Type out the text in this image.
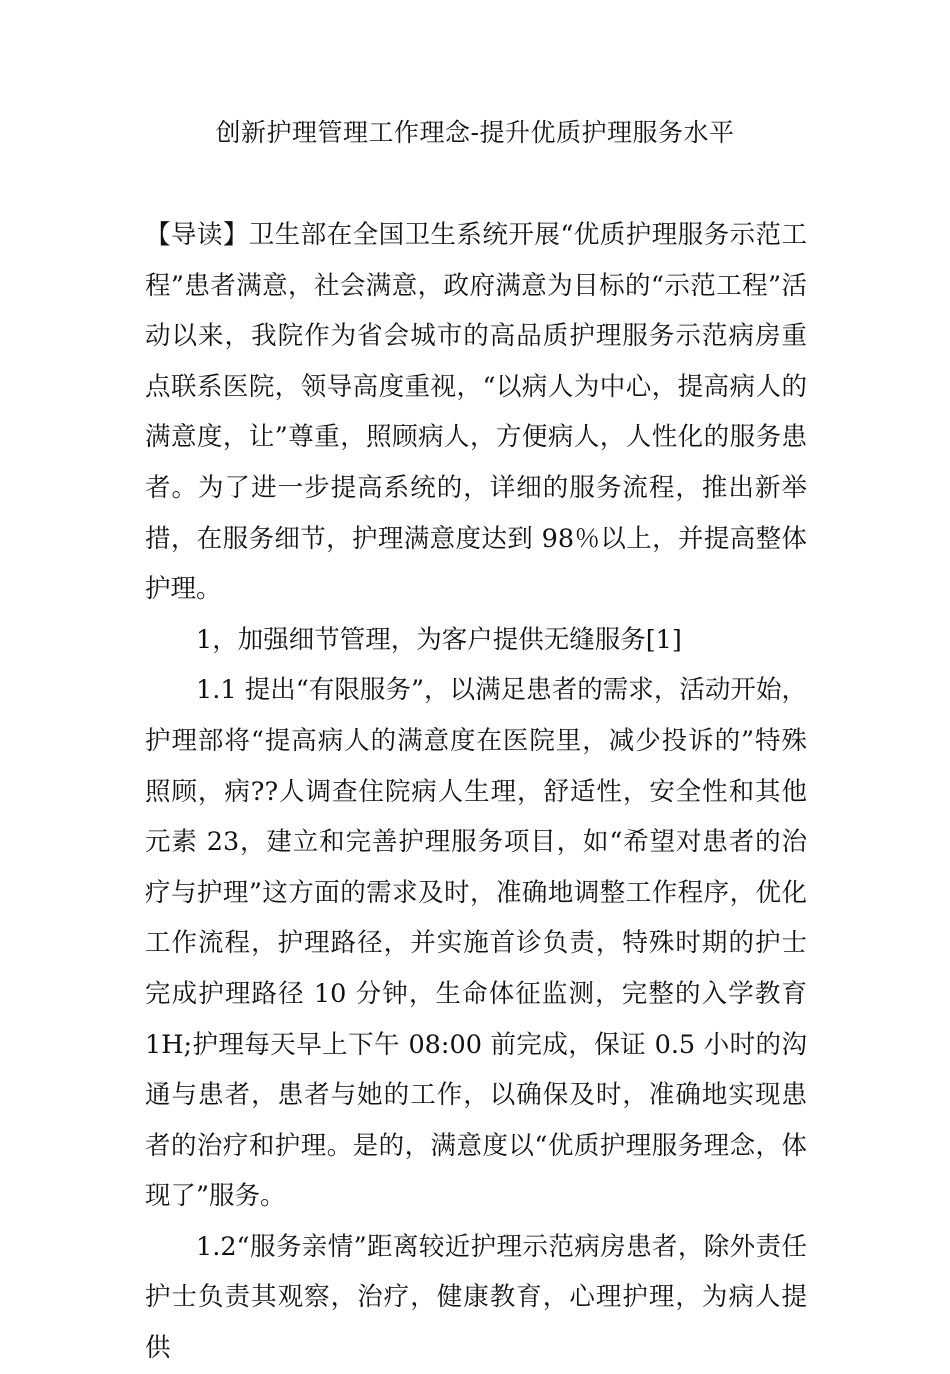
创新护理管理工作理念-提升优质护理服务水平

【导读】卫生部在全国卫生系统开展“优质护理服务示范工程”患者满意，社会满意，政府满意为目标的“示范工程”活动以来，我院作为省会城市的高品质护理服务示范病房重点联系医院，领导高度重视，“以病人为中心，提高病人的满意度，让”尊重，照顾病人，方便病人，人性化的服务患者。为了进一步提高系统的，详细的服务流程，推出新举措，在服务细节，护理满意度达到 98％以上，并提高整体护理。

1，加强细节管理，为客户提供无缝服务[1]

1.1 提出“有限服务”，以满足患者的需求，活动开始，护理部将“提高病人的满意度在医院里，减少投诉的”特殊照顾，病??人调查住院病人生理，舒适性，安全性和其他元素 23，建立和完善护理服务项目，如“希望对患者的治疗与护理”这方面的需求及时，准确地调整工作程序，优化工作流程，护理路径，并实施首诊负责，特殊时期的护士完成护理路径 10 分钟，生命体征监测，完整的入学教育 1H;护理每天早上下午 08:00 前完成，保证 0.5 小时的沟通与患者，患者与她的工作，以确保及时，准确地实现患者的治疗和护理。是的，满意度以“优质护理服务理念，体现了”服务。

1.2“服务亲情”距离较近护理示范病房患者，除外责任护士负责其观察，治疗，健康教育，心理护理，为病人提供
